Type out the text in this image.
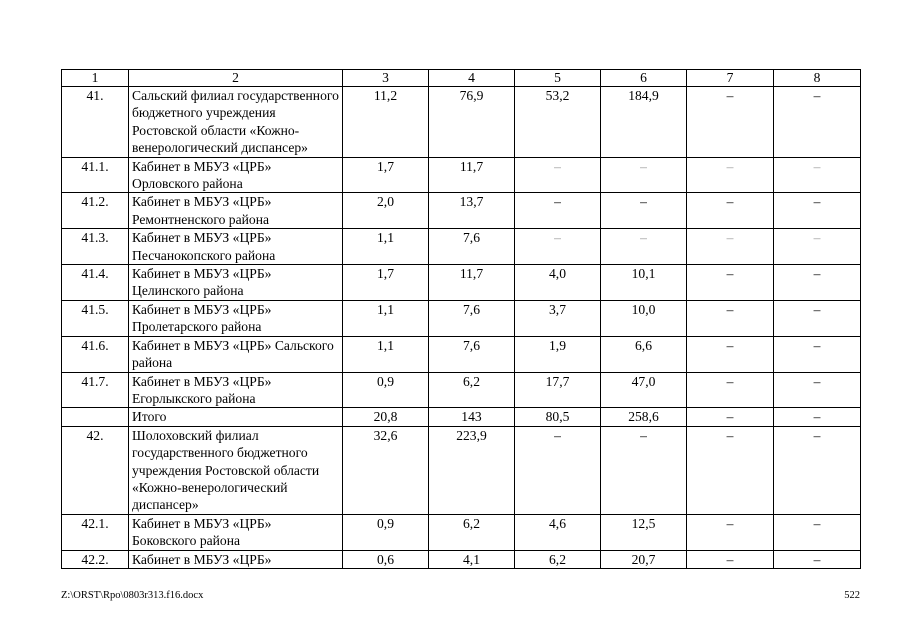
1	2	3	4	5	6	7	8
41.	Сальский филиал государственного бюджетного учреждения Ростовской области «Кожно-венерологический диспансер»	11,2	76,9	53,2	184,9	–	–
41.1.	Кабинет в МБУЗ «ЦРБ» Орловского района	1,7	11,7	–	–	–	–
41.2.	Кабинет в МБУЗ «ЦРБ» Ремонтненского района	2,0	13,7	–	–	–	–
41.3.	Кабинет в МБУЗ «ЦРБ» Песчанокопского района	1,1	7,6	–	–	–	–
41.4.	Кабинет в МБУЗ «ЦРБ» Целинского района	1,7	11,7	4,0	10,1	–	–
41.5.	Кабинет в МБУЗ «ЦРБ» Пролетарского района	1,1	7,6	3,7	10,0	–	–
41.6.	Кабинет в МБУЗ «ЦРБ» Сальского района	1,1	7,6	1,9	6,6	–	–
41.7.	Кабинет в МБУЗ «ЦРБ» Егорлыкского района	0,9	6,2	17,7	47,0	–	–
	Итого	20,8	143	80,5	258,6	–	–
42.	Шолоховский филиал государственного бюджетного учреждения Ростовской области «Кожно-венерологический диспансер»	32,6	223,9	–	–	–	–
42.1.	Кабинет в МБУЗ «ЦРБ» Боковского района	0,9	6,2	4,6	12,5	–	–
42.2.	Кабинет в МБУЗ «ЦРБ»	0,6	4,1	6,2	20,7	–	–
Z:\ORST\Rpo\0803r313.f16.docx	522
